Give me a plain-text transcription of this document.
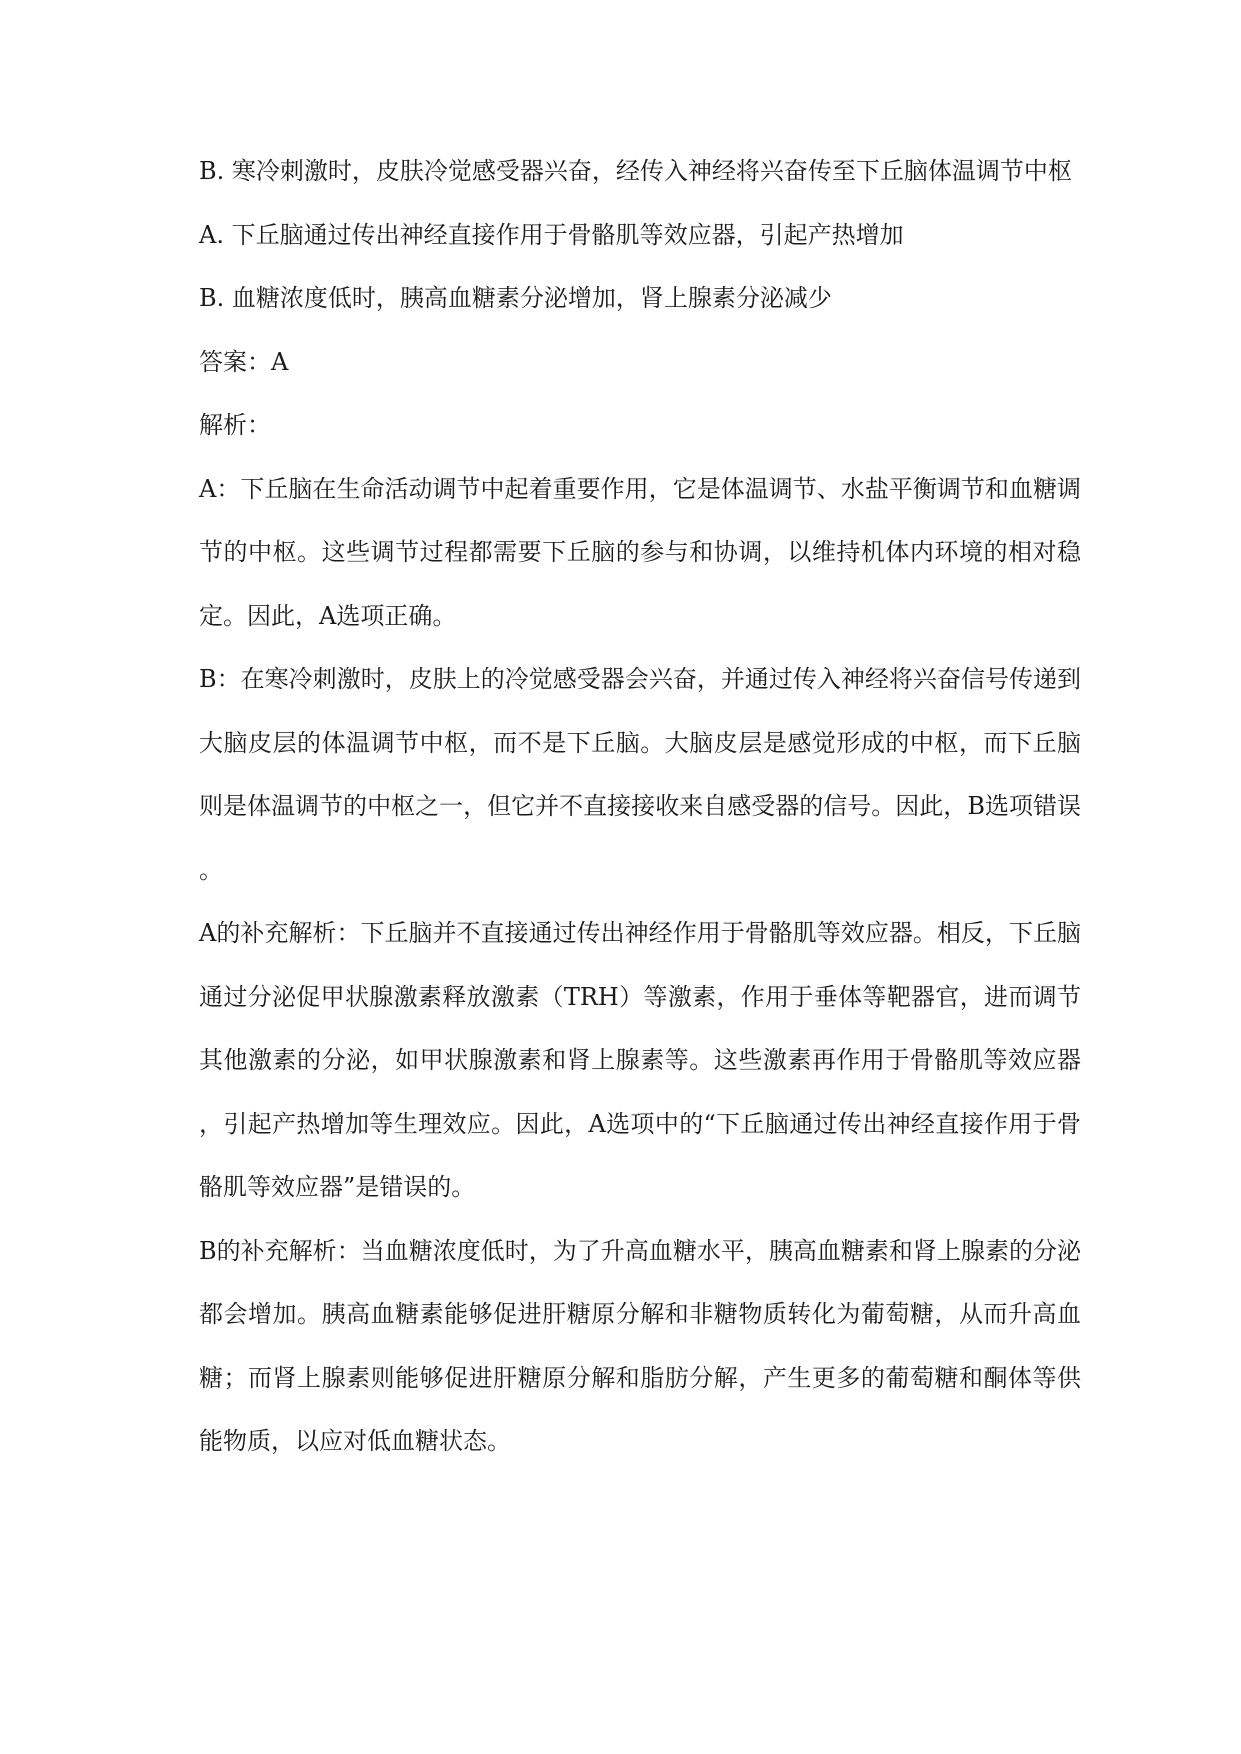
B. 寒冷刺激时，皮肤冷觉感受器兴奋，经传入神经将兴奋传至下丘脑体温调节中枢

A. 下丘脑通过传出神经直接作用于骨骼肌等效应器，引起产热增加

B. 血糖浓度低时，胰高血糖素分泌增加，肾上腺素分泌减少

答案：A

解析：

A：下丘脑在生命活动调节中起着重要作用，它是体温调节、水盐平衡调节和血糖调节的中枢。这些调节过程都需要下丘脑的参与和协调，以维持机体内环境的相对稳定。因此，A选项正确。

B：在寒冷刺激时，皮肤上的冷觉感受器会兴奋，并通过传入神经将兴奋信号传递到大脑皮层的体温调节中枢，而不是下丘脑。大脑皮层是感觉形成的中枢，而下丘脑则是体温调节的中枢之一，但它并不直接接收来自感受器的信号。因此，B选项错误。

A的补充解析：下丘脑并不直接通过传出神经作用于骨骼肌等效应器。相反，下丘脑通过分泌促甲状腺激素释放激素（TRH）等激素，作用于垂体等靶器官，进而调节其他激素的分泌，如甲状腺激素和肾上腺素等。这些激素再作用于骨骼肌等效应器，引起产热增加等生理效应。因此，A选项中的“下丘脑通过传出神经直接作用于骨骼肌等效应器”是错误的。

B的补充解析：当血糖浓度低时，为了升高血糖水平，胰高血糖素和肾上腺素的分泌都会增加。胰高血糖素能够促进肝糖原分解和非糖物质转化为葡萄糖，从而升高血糖；而肾上腺素则能够促进肝糖原分解和脂肪分解，产生更多的葡萄糖和酮体等供能物质，以应对低血糖状态。
